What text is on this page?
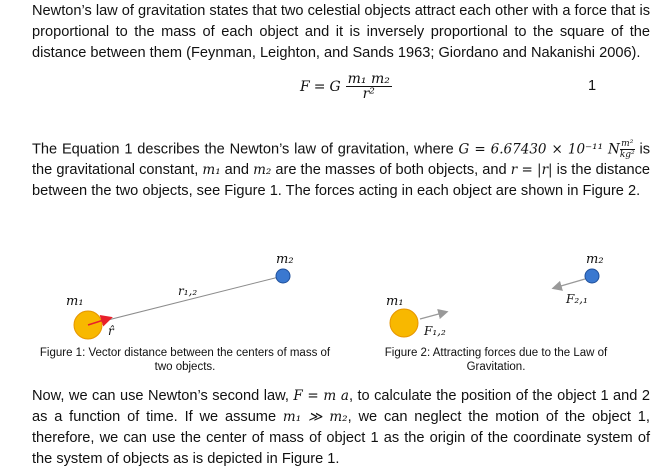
Newton’s law of gravitation states that two celestial objects attract each other with a force that is proportional to the mass of each object and it is inversely proportional to the square of the distance between them (Feynman, Leighton, and Sands 1963; Giordano and Nakanishi 2006).

F = G $\frac{\text{m₁ m₂}}{\text{r²}}$	1

The Equation 1 describes the Newton’s law of gravitation, where G = 6.67430 × 10⁻¹¹ N $\frac{\text{m²}}{\text{kg²}}$ is the gravitational constant, m₁ and m₂ are the masses of both objects, and r = |r| is the distance between the two objects, see Figure 1. The forces acting in each object are shown in Figure 2.

m₂
r₁,₂
m₁
r̂

Figure 1: Vector distance between the centers of mass of two objects.

m₂
m₁
F₁,₂
F₂,₁

Figure 2: Attracting forces due to the Law of Gravitation.

Now, we can use Newton’s second law, F = m a, to calculate the position of the object 1 and 2 as a function of time. If we assume m₁ ≫ m₂, we can neglect the motion of the object 1, therefore, we can use the center of mass of object 1 as the origin of the coordinate system of the system of objects as is depicted in Figure 1.
